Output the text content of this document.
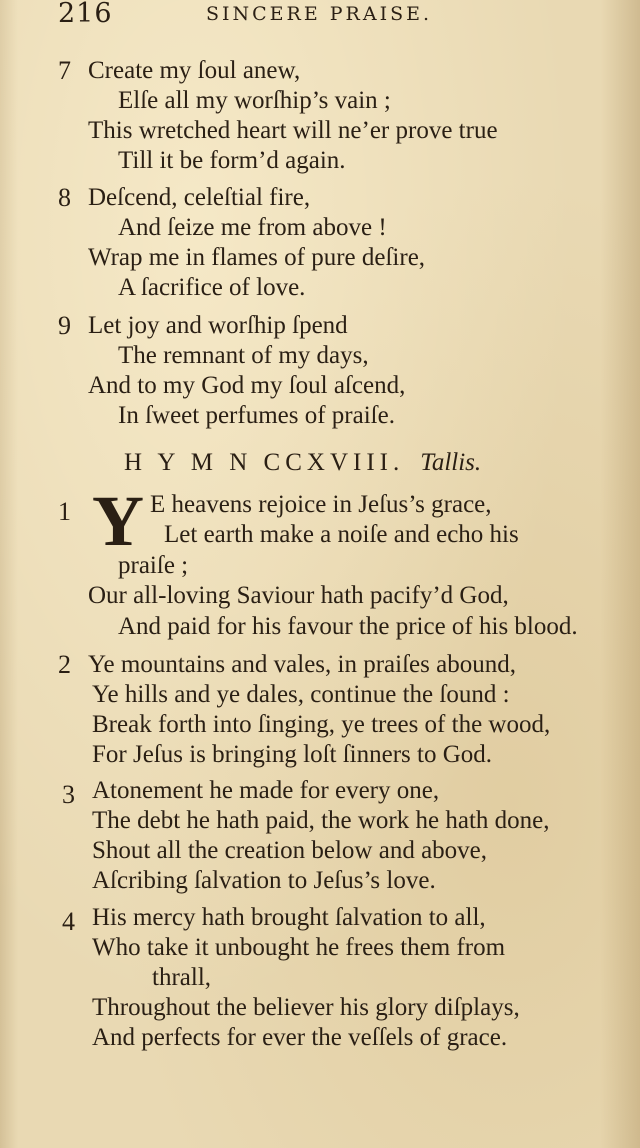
216	SINCERE PRAISE.
7 Create my ſoul anew,
Elſe all my worſhip’s vain ;
This wretched heart will ne’er prove true
Till it be form’d again.
8 Deſcend, celeſtial fire,
And ſeize me from above !
Wrap me in flames of pure deſire,
A ſacrifice of love.
9 Let joy and worſhip ſpend
The remnant of my days,
And to my God my ſoul aſcend,
In ſweet perfumes of praiſe.
H Y M N CCXVIII. Tallis.
1 Y E heavens rejoice in Jeſus’s grace,
Let earth make a noiſe and echo his
praiſe ;
Our all-loving Saviour hath pacify’d God,
And paid for his favour the price of his blood.
2 Ye mountains and vales, in praiſes abound,
Ye hills and ye dales, continue the ſound :
Break forth into ſinging, ye trees of the wood,
For Jeſus is bringing loſt ſinners to God.
3 Atonement he made for every one,
The debt he hath paid, the work he hath done,
Shout all the creation below and above,
Aſcribing ſalvation to Jeſus’s love.
4 His mercy hath brought ſalvation to all,
Who take it unbought he frees them from
thrall,
Throughout the believer his glory diſplays,
And perfects for ever the veſſels of grace.
